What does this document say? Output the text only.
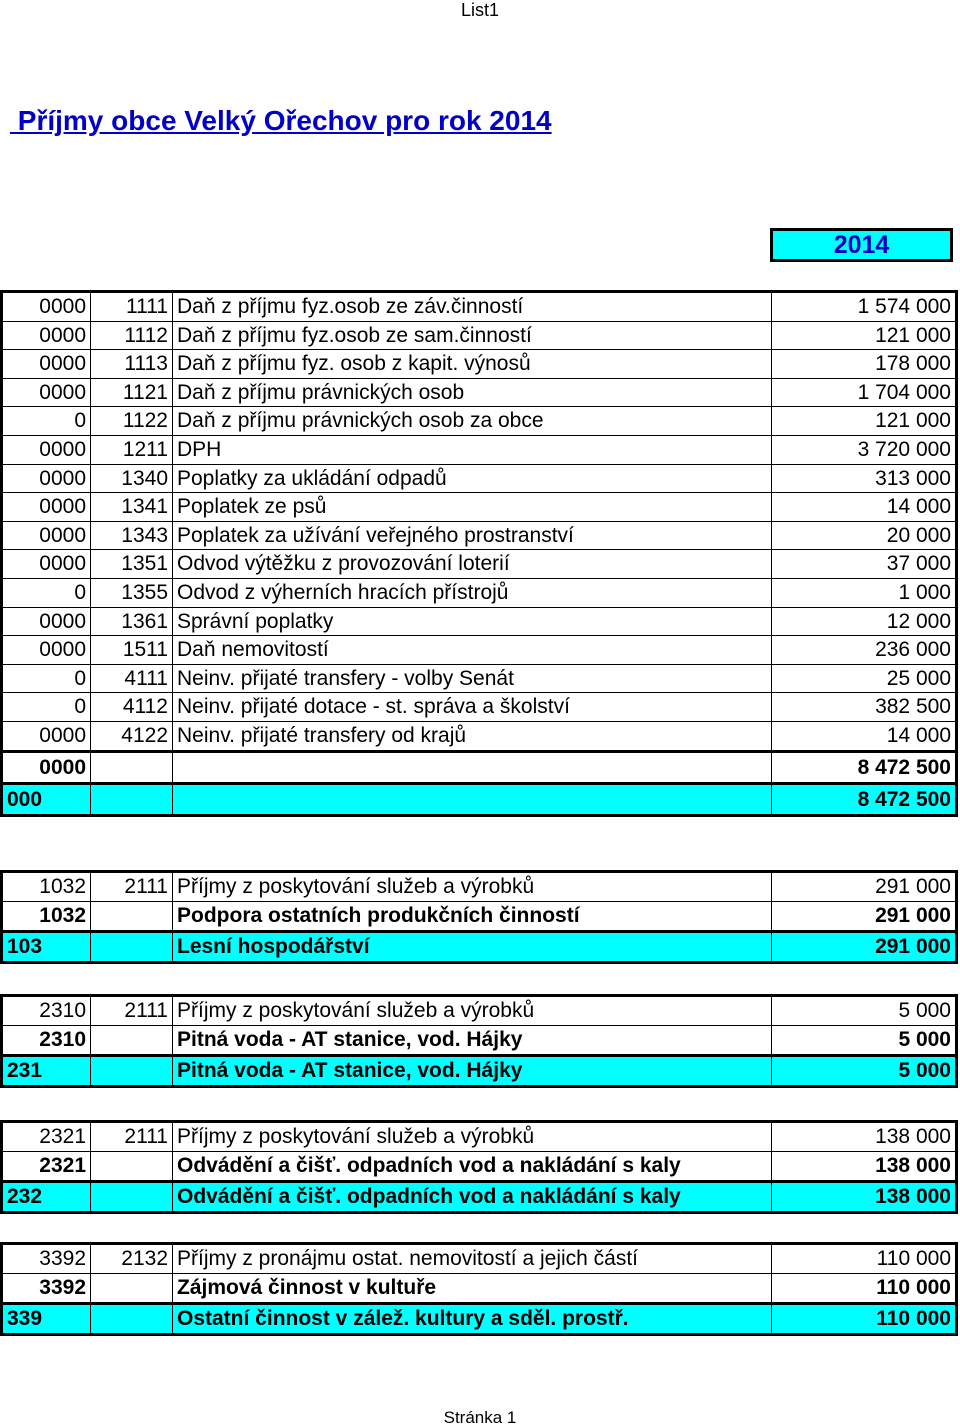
List1
Příjmy obce Velký Ořechov pro rok 2014
2014
0000	1111	Daň z příjmu fyz.osob ze záv.činností	1 574 000
0000	1112	Daň z příjmu fyz.osob ze sam.činností	121 000
0000	1113	Daň z příjmu fyz. osob z kapit. výnosů	178 000
0000	1121	Daň z příjmu právnických osob	1 704 000
0	1122	Daň z příjmu právnických osob za obce	121 000
0000	1211	DPH	3 720 000
0000	1340	Poplatky za ukládání odpadů	313 000
0000	1341	Poplatek ze psů	14 000
0000	1343	Poplatek za užívání veřejného prostranství	20 000
0000	1351	Odvod výtěžku z provozování loterií	37 000
0	1355	Odvod z výherních hracích přístrojů	1 000
0000	1361	Správní poplatky	12 000
0000	1511	Daň nemovitostí	236 000
0	4111	Neinv. přijaté transfery - volby Senát	25 000
0	4112	Neinv. přijaté dotace - st. správa a školství	382 500
0000	4122	Neinv. přijaté transfery od krajů	14 000
0000			8 472 500
000			8 472 500
1032	2111	Příjmy z poskytování služeb a výrobků	291 000
1032		Podpora ostatních produkčních činností	291 000
103		Lesní hospodářství	291 000
2310	2111	Příjmy z poskytování služeb a výrobků	5 000
2310		Pitná voda - AT stanice, vod. Hájky	5 000
231		Pitná voda - AT stanice, vod. Hájky	5 000
2321	2111	Příjmy z poskytování služeb a výrobků	138 000
2321		Odvádění a čišť. odpadních vod a nakládání s kaly	138 000
232		Odvádění a čišť. odpadních vod a nakládání s kaly	138 000
3392	2132	Příjmy z pronájmu ostat. nemovitostí a jejich částí	110 000
3392		Zájmová činnost v kultuře	110 000
339		Ostatní činnost v zálež. kultury a sděl. prostř.	110 000
Stránka 1
